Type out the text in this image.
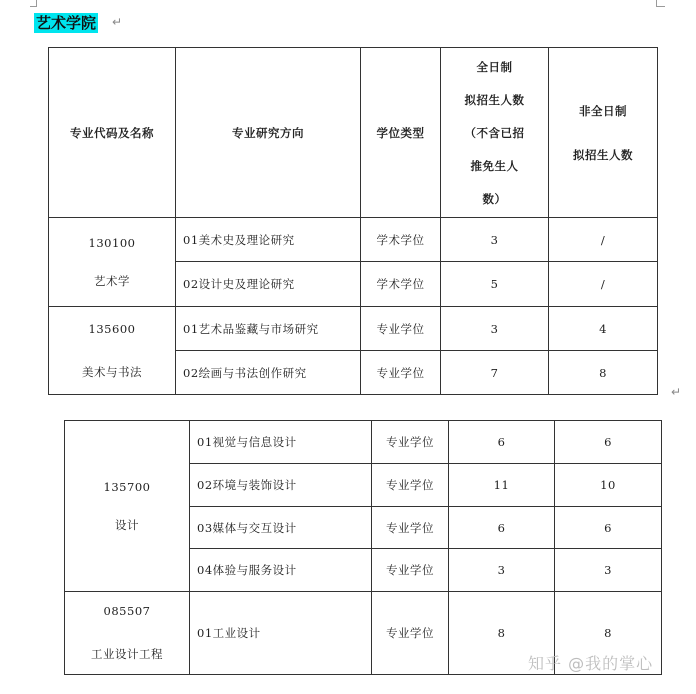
艺术学院 ↵
专业代码及名称	专业研究方向	学位类型	全日制
拟招生人数
（不含已招
推免生人
数）	非全日制
拟招生人数

130100
艺术学	01美术史及理论研究	学术学位	3	/
	02设计史及理论研究	学术学位	5	/

135600
美术与书法	01艺术品鉴藏与市场研究	专业学位	3	4
	02绘画与书法创作研究	专业学位	7	8
↵
135700
设计	01视觉与信息设计	专业学位	6	6
	02环境与装饰设计	专业学位	11	10
	03媒体与交互设计	专业学位	6	6
	04体验与服务设计	专业学位	3	3

085507
工业设计工程	01工业设计	专业学位	8	8
知乎 @我的掌心
